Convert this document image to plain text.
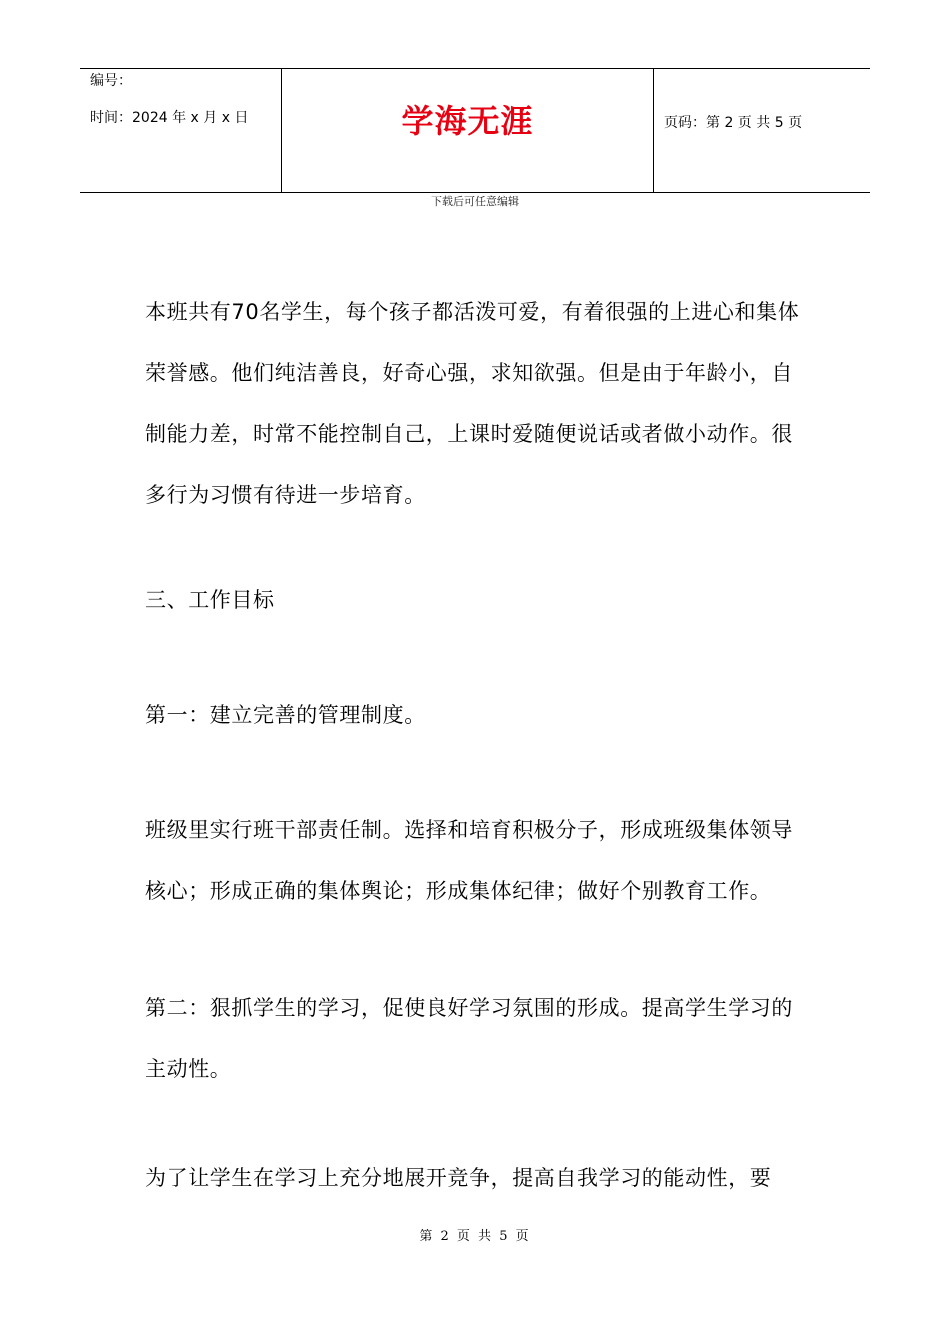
编号：
时间：2024 年 x 月 x 日	学海无涯	页码：第 2 页 共 5 页
下载后可任意编辑

本班共有70名学生，每个孩子都活泼可爱，有着很强的上进心和集体荣誉感。他们纯洁善良，好奇心强，求知欲强。但是由于年龄小，自制能力差，时常不能控制自己，上课时爱随便说话或者做小动作。很多行为习惯有待进一步培育。

三、工作目标

第一：建立完善的管理制度。

班级里实行班干部责任制。选择和培育积极分子，形成班级集体领导核心；形成正确的集体舆论；形成集体纪律；做好个别教育工作。

第二：狠抓学生的学习，促使良好学习氛围的形成。提高学生学习的主动性。

为了让学生在学习上充分地展开竞争，提高自我学习的能动性，要

第 2 页 共 5 页
